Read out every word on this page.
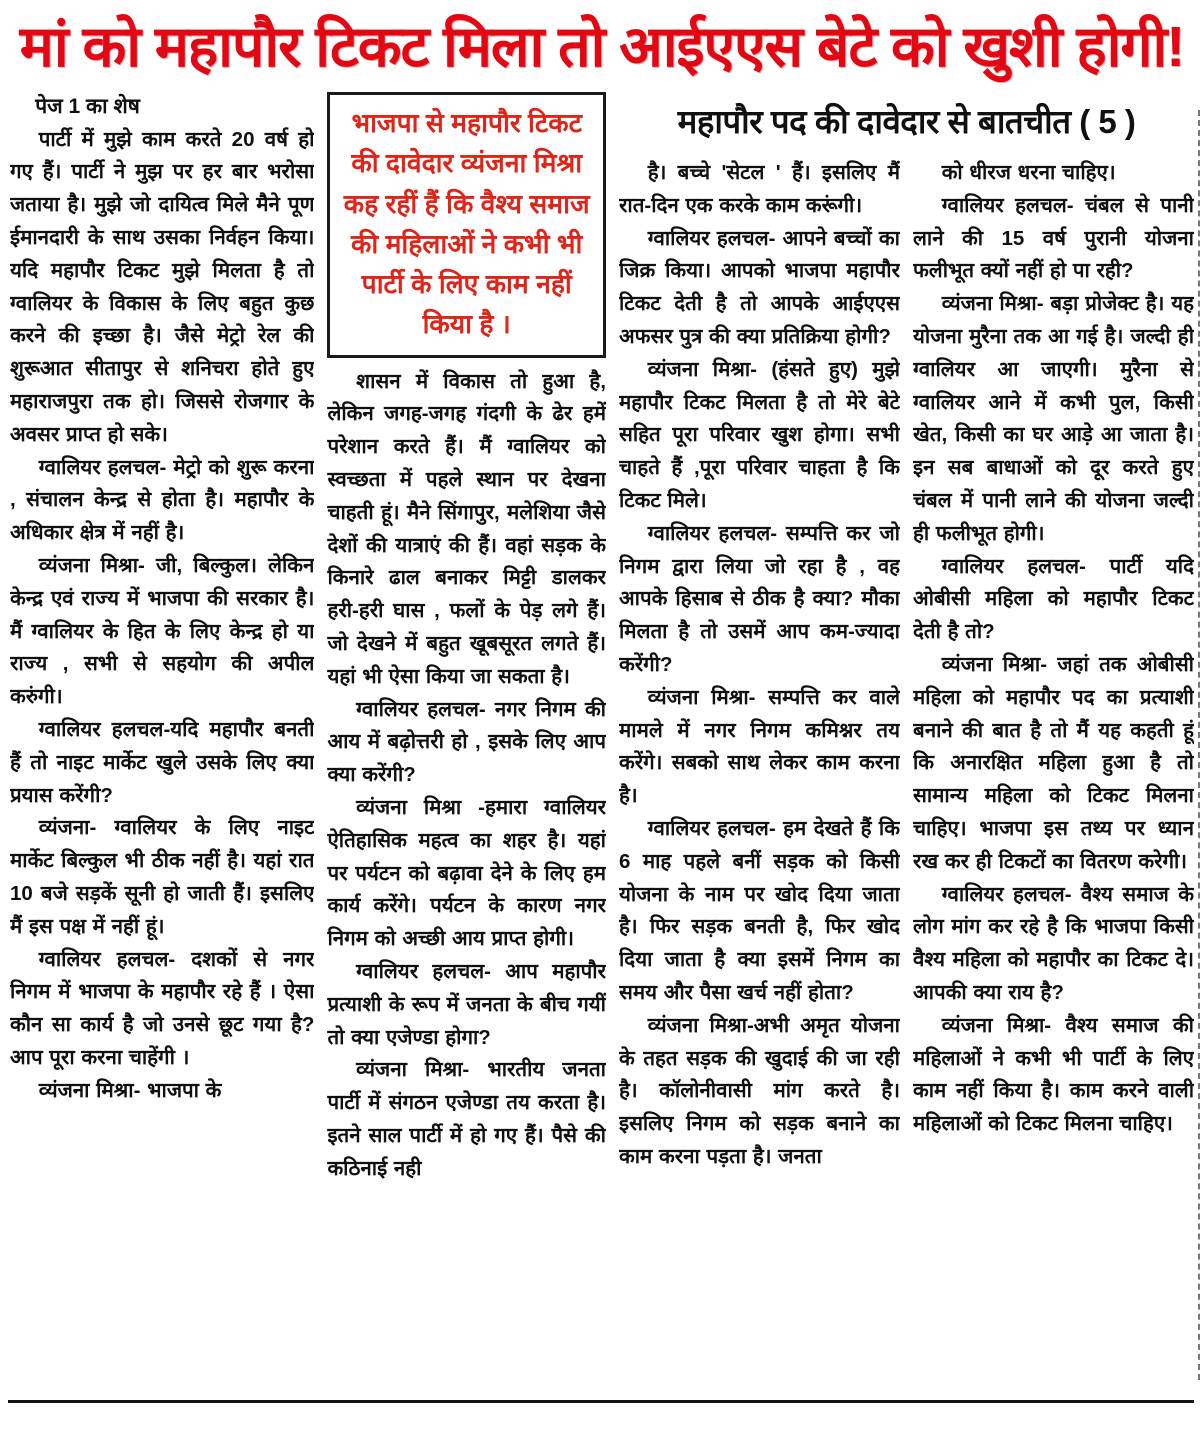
मां को महापौर टिकट मिला तो आईएएस बेटे को खुशी होगी!

पेज 1 का शेष

पार्टी में मुझे काम करते 20 वर्ष हो गए हैं। पार्टी ने मुझ पर हर बार भरोसा जताया है। मुझे जो दायित्व मिले मैने पूण ईमानदारी के साथ उसका निर्वहन किया। यदि महापौर टिकट मुझे मिलता है तो ग्वालियर के विकास के लिए बहुत कुछ करने की इच्छा है। जैसे मेट्रो रेल की शुरूआत सीतापुर से शनिचरा होते हुए महाराजपुरा तक हो। जिससे रोजगार के अवसर प्राप्त हो सके।

ग्वालियर हलचल- मेट्रो को शुरू करना , संचालन केन्द्र से होता है। महापौर के अधिकार क्षेत्र में नहीं है।

व्यंजना मिश्रा- जी, बिल्कुल। लेकिन केन्द्र एवं राज्य में भाजपा की सरकार है। मैं ग्वालियर के हित के लिए केन्द्र हो या राज्य , सभी से सहयोग की अपील करुंगी।

ग्वालियर हलचल-यदि महापौर बनती हैं तो नाइट मार्केट खुले उसके लिए क्या प्रयास करेंगी?

व्यंजना- ग्वालियर के लिए नाइट मार्केट बिल्कुल भी ठीक नहीं है। यहां रात 10 बजे सड़कें सूनी हो जाती हैं। इसलिए मैं इस पक्ष में नहीं हूं।

ग्वालियर हलचल- दशकों से नगर निगम में भाजपा के महापौर रहे हैं । ऐसा कौन सा कार्य है जो उनसे छूट गया है? आप पूरा करना चाहेंगी ।

व्यंजना मिश्रा- भाजपा के

भाजपा से महापौर टिकट की दावेदार व्यंजना मिश्रा कह रहीं हैं कि वैश्य समाज की महिलाओं ने कभी भी पार्टी के लिए काम नहीं किया है ।

शासन में विकास तो हुआ है, लेकिन जगह-जगह गंदगी के ढेर हमें परेशान करते हैं। मैं ग्वालियर को स्वच्छता में पहले स्थान पर देखना चाहती हूं। मैने सिंगापुर, मलेशिया जैसे देशों की यात्राएं की हैं। वहां सड़क के किनारे ढाल बनाकर मिट्टी डालकर हरी-हरी घास , फलों के पेड़ लगे हैं। जो देखने में बहुत खूबसूरत लगते हैं। यहां भी ऐसा किया जा सकता है।

ग्वालियर हलचल- नगर निगम की आय में बढ़ोत्तरी हो , इसके लिए आप क्या करेंगी?

व्यंजना मिश्रा -हमारा ग्वालियर ऐतिहासिक महत्व का शहर है। यहां पर पर्यटन को बढ़ावा देने के लिए हम कार्य करेंगे। पर्यटन के कारण नगर निगम को अच्छी आय प्राप्त होगी।

ग्वालियर हलचल- आप महापौर प्रत्याशी के रूप में जनता के बीच गयीं तो क्या एजेण्डा होगा?

व्यंजना मिश्रा- भारतीय जनता पार्टी में संगठन एजेण्डा तय करता है। इतने साल पार्टी में हो गए हैं। पैसे की कठिनाई नही

महापौर पद की दावेदार से बातचीत ( 5 )

है। बच्चे 'सेटल ' हैं। इसलिए मैं रात-दिन एक करके काम करूंगी।

ग्वालियर हलचल- आपने बच्चों का जिक्र किया। आपको भाजपा महापौर टिकट देती है तो आपके आईएएस अफसर पुत्र की क्या प्रतिक्रिया होगी?

व्यंजना मिश्रा- (हंसते हुए) मुझे महापौर टिकट मिलता है तो मेरे बेटे सहित पूरा परिवार खुश होगा। सभी चाहते हैं ,पूरा परिवार चाहता है कि टिकट मिले।

ग्वालियर हलचल- सम्पत्ति कर जो निगम द्वारा लिया जो रहा है , वह आपके हिसाब से ठीक है क्या? मौका मिलता है तो उसमें आप कम-ज्यादा करेंगी?

व्यंजना मिश्रा- सम्पत्ति कर वाले मामले में नगर निगम कमिश्नर तय करेंगे। सबको साथ लेकर काम करना है।

ग्वालियर हलचल- हम देखते हैं कि 6 माह पहले बनीं सड़क को किसी योजना के नाम पर खोद दिया जाता है। फिर सड़क बनती है, फिर खोद दिया जाता है क्या इसमें निगम का समय और पैसा खर्च नहीं होता?

व्यंजना मिश्रा-अभी अमृत योजना के तहत सड़क की खुदाई की जा रही है। कॉलोनीवासी मांग करते है। इसलिए निगम को सड़क बनाने का काम करना पड़ता है। जनता

को धीरज धरना चाहिए।

ग्वालियर हलचल- चंबल से पानी लाने की 15 वर्ष पुरानी योजना फलीभूत क्यों नहीं हो पा रही?

व्यंजना मिश्रा- बड़ा प्रोजेक्ट है। यह योजना मुरैना तक आ गई है। जल्दी ही ग्वालियर आ जाएगी। मुरैना से ग्वालियर आने में कभी पुल, किसी खेत, किसी का घर आड़े आ जाता है। इन सब बाधाओं को दूर करते हुए चंबल में पानी लाने की योजना जल्दी ही फलीभूत होगी।

ग्वालियर हलचल- पार्टी यदि ओबीसी महिला को महापौर टिकट देती है तो?

व्यंजना मिश्रा- जहां तक ओबीसी महिला को महापौर पद का प्रत्याशी बनाने की बात है तो मैं यह कहती हूं कि अनारक्षित महिला हुआ है तो सामान्य महिला को टिकट मिलना चाहिए। भाजपा इस तथ्य पर ध्यान रख कर ही टिकटों का वितरण करेगी।

ग्वालियर हलचल- वैश्य समाज के लोग मांग कर रहे है कि भाजपा किसी वैश्य महिला को महापौर का टिकट दे। आपकी क्या राय है?

व्यंजना मिश्रा- वैश्य समाज की महिलाओं ने कभी भी पार्टी के लिए काम नहीं किया है। काम करने वाली महिलाओं को टिकट मिलना चाहिए।
